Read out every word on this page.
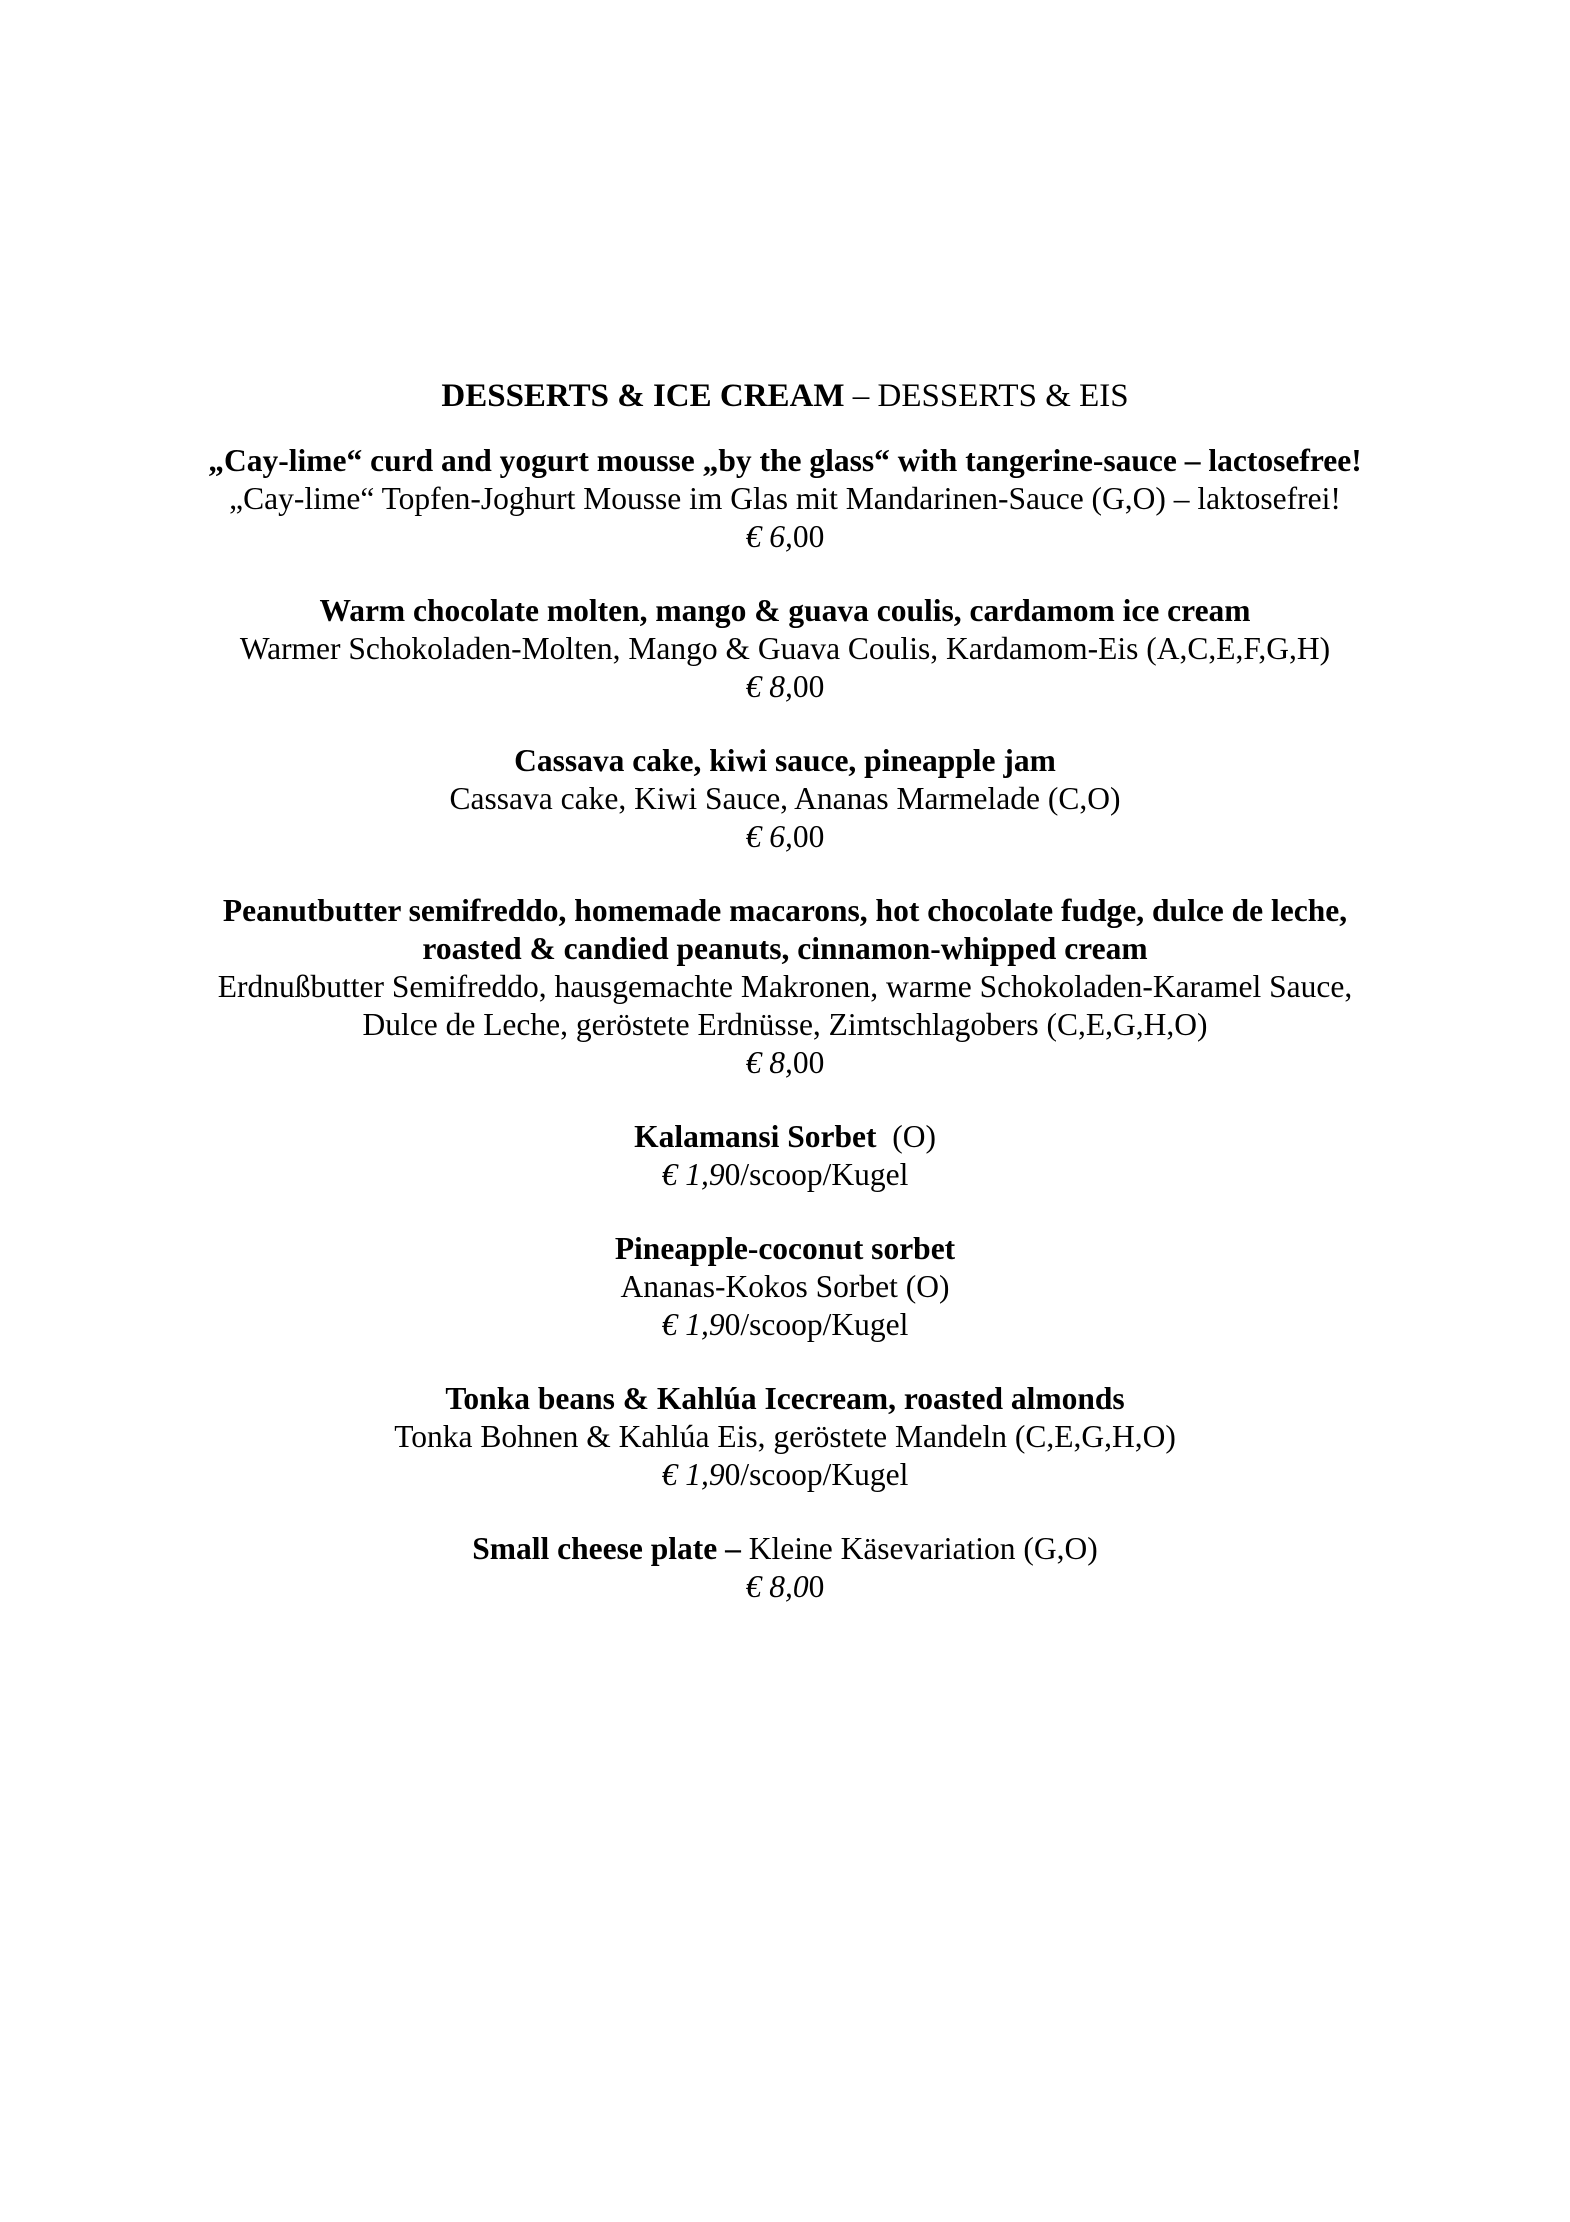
DESSERTS & ICE CREAM – DESSERTS & EIS
„Cay-lime“ curd and yogurt mousse „by the glass“ with tangerine-sauce – lactosefree!
„Cay-lime“ Topfen-Joghurt Mousse im Glas mit Mandarinen-Sauce (G,O) – laktosefrei!
€ 6,00
Warm chocolate molten, mango & guava coulis, cardamom ice cream
Warmer Schokoladen-Molten, Mango & Guava Coulis, Kardamom-Eis (A,C,E,F,G,H)
€ 8,00
Cassava cake, kiwi sauce, pineapple jam
Cassava cake, Kiwi Sauce, Ananas Marmelade (C,O)
€ 6,00
Peanutbutter semifreddo, homemade macarons, hot chocolate fudge, dulce de leche,
roasted & candied peanuts, cinnamon-whipped cream
Erdnußbutter Semifreddo, hausgemachte Makronen, warme Schokoladen-Karamel Sauce,
Dulce de Leche, geröstete Erdnüsse, Zimtschlagobers (C,E,G,H,O)
€ 8,00
Kalamansi Sorbet  (O)
€ 1,90/scoop/Kugel
Pineapple-coconut sorbet
Ananas-Kokos Sorbet (O)
€ 1,90/scoop/Kugel
Tonka beans & Kahlúa Icecream, roasted almonds
Tonka Bohnen & Kahlúa Eis, geröstete Mandeln (C,E,G,H,O)
€ 1,90/scoop/Kugel
Small cheese plate – Kleine Käsevariation (G,O)
€ 8,00
